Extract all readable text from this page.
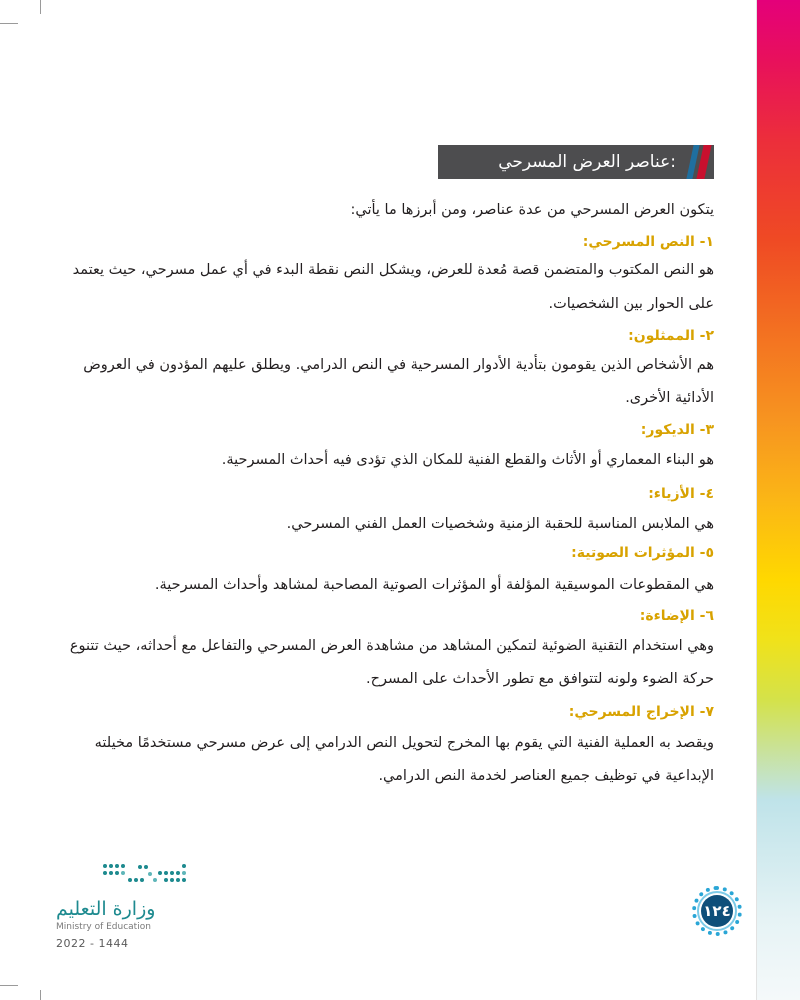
عناصر العرض المسرحي:
يتكون العرض المسرحي من عدة عناصر، ومن أبرزها ما يأتي:
١- النص المسرحي:
هو النص المكتوب والمتضمن قصة مُعدة للعرض، ويشكل النص نقطة البدء في أي عمل مسرحي، حيث يعتمد
على الحوار بين الشخصيات.
٢- الممثلون:
هم الأشخاص الذين يقومون بتأدية الأدوار المسرحية في النص الدرامي. ويطلق عليهم المؤدون في العروض
الأدائية الأخرى.
٣- الديكور:
هو البناء المعماري أو الأثاث والقطع الفنية للمكان الذي تؤدى فيه أحداث المسرحية.
٤- الأزياء:
هي الملابس المناسبة للحقبة الزمنية وشخصيات العمل الفني المسرحي.
٥- المؤثرات الصوتية:
هي المقطوعات الموسيقية المؤلفة أو المؤثرات الصوتية المصاحبة لمشاهد وأحداث المسرحية.
٦- الإضاءة:
وهي استخدام التقنية الضوئية لتمكين المشاهد من مشاهدة العرض المسرحي والتفاعل مع أحداثه، حيث تتنوع
حركة الضوء ولونه لتتوافق مع تطور الأحداث على المسرح.
٧- الإخراج المسرحي:
ويقصد به العملية الفنية التي يقوم بها المخرج لتحويل النص الدرامي إلى عرض مسرحي مستخدمًا مخيلته
الإبداعية في توظيف جميع العناصر لخدمة النص الدرامي.
وزارة التعليم
Ministry of Education
2022 - 1444
١٢٤
